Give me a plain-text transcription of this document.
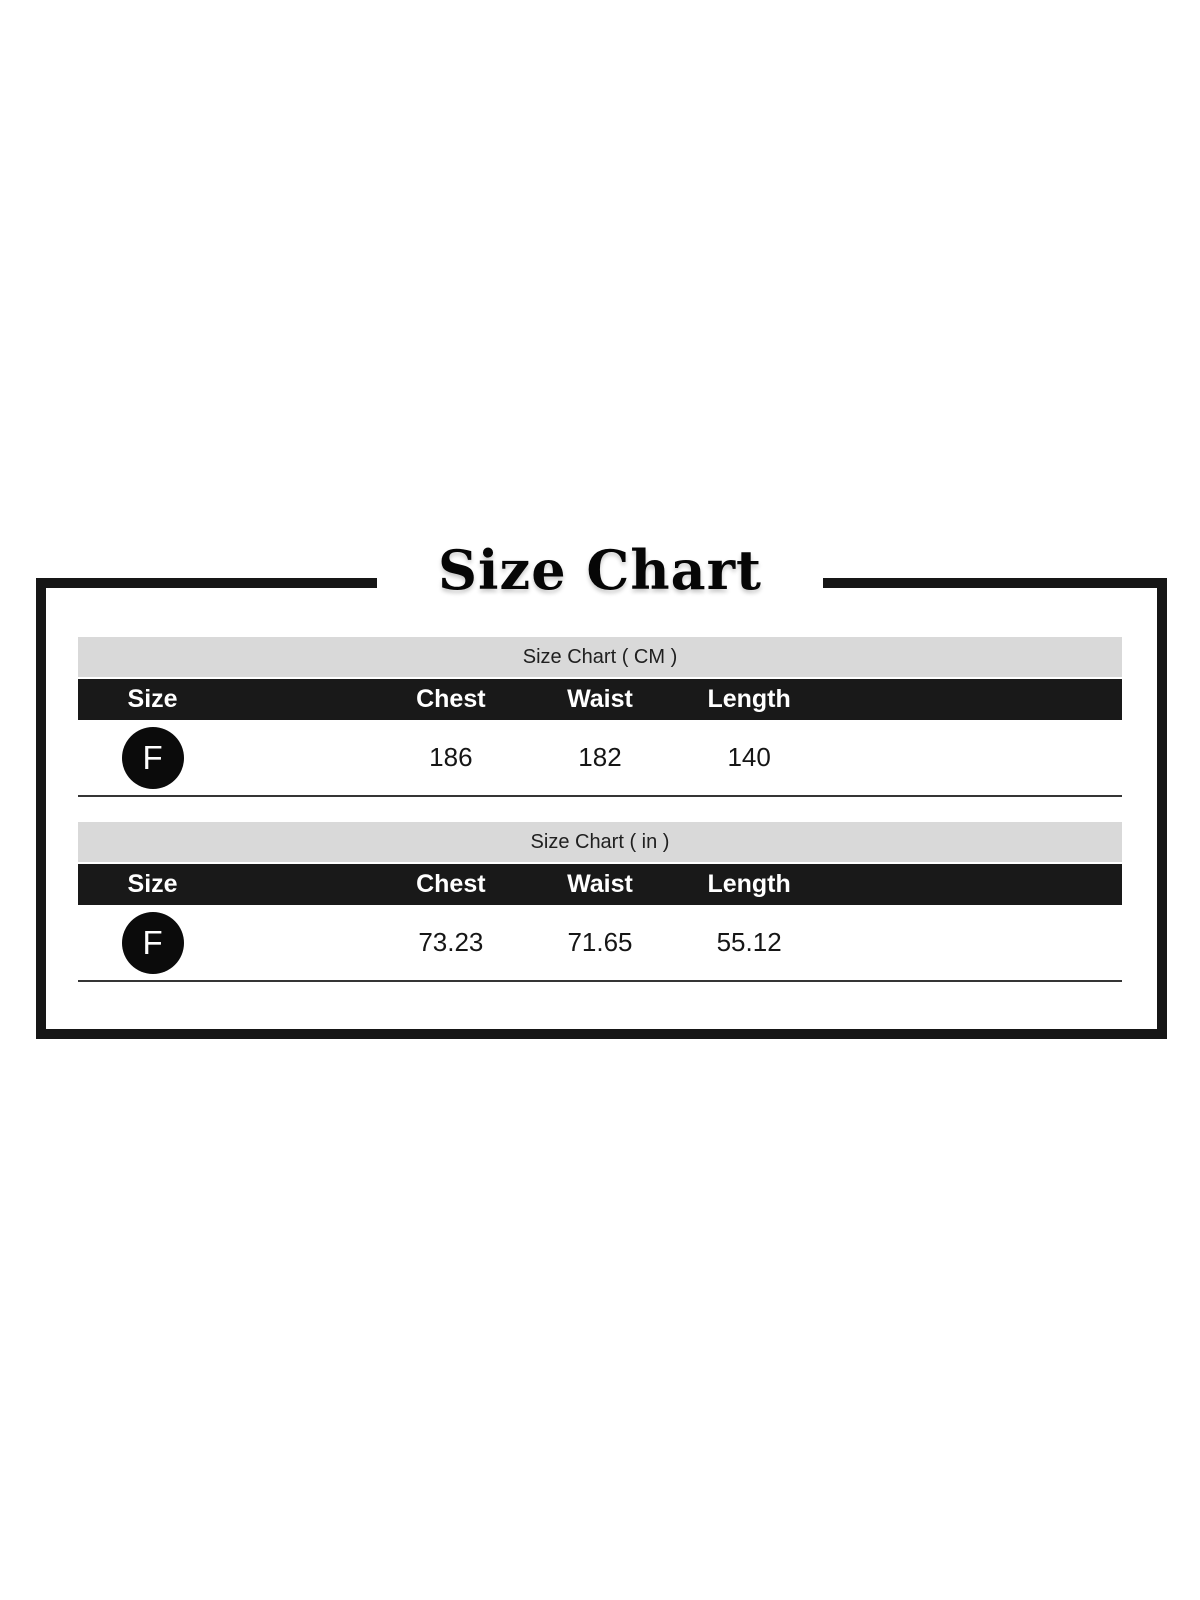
Size Chart
Size Chart ( CM )
Size	Chest	Waist	Length
F	186	182	140
Size Chart ( in )
Size	Chest	Waist	Length
F	73.23	71.65	55.12
